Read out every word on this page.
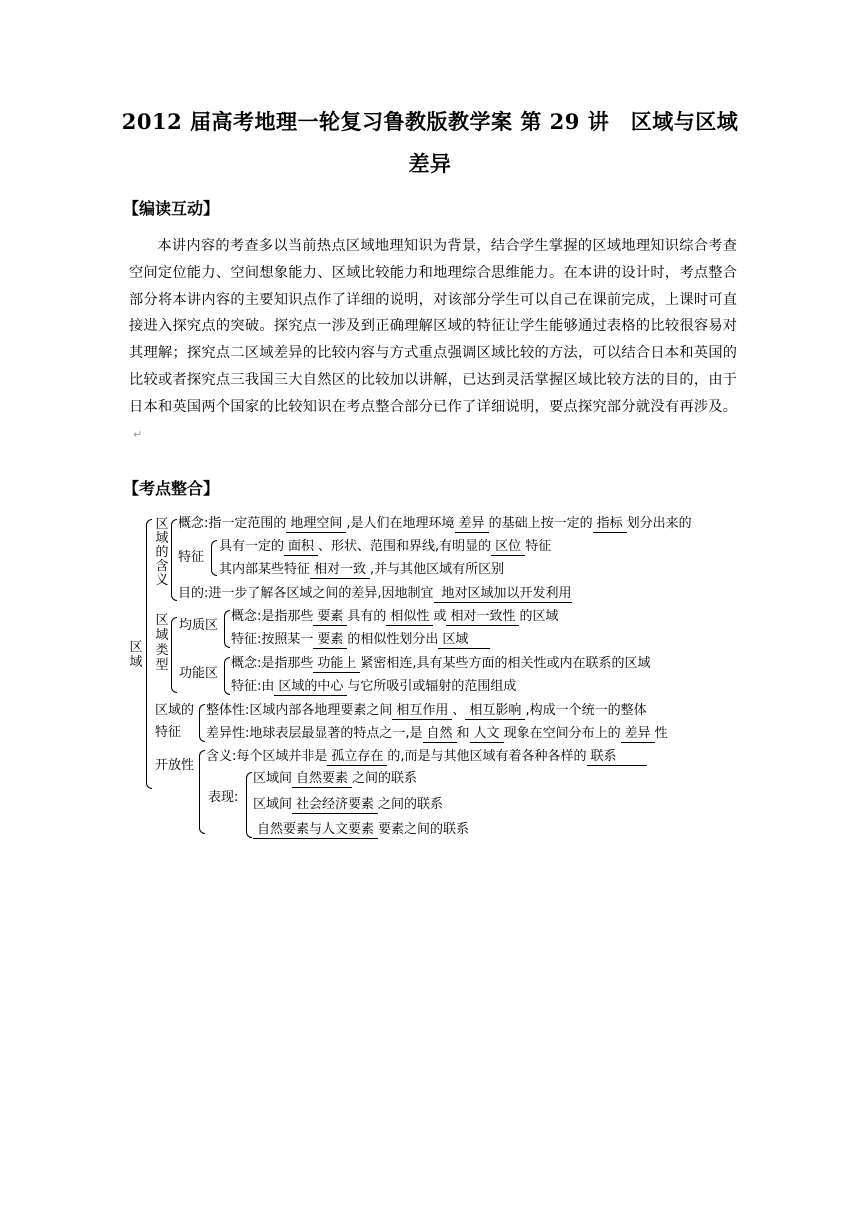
2012 届高考地理一轮复习鲁教版教学案 第 29 讲　区域与区域
差异
【编读互动】

本讲内容的考查多以当前热点区域地理知识为背景，结合学生掌握的区域地理知识综合考查空间定位能力、空间想象能力、区域比较能力和地理综合思维能力。在本讲的设计时，考点整合部分将本讲内容的主要知识点作了详细的说明，对该部分学生可以自己在课前完成，上课时可直接进入探究点的突破。探究点一涉及到正确理解区域的特征让学生能够通过表格的比较很容易对其理解；探究点二区域差异的比较内容与方式重点强调区域比较的方法，可以结合日本和英国的比较或者探究点三我国三大自然区的比较加以讲解，已达到灵活掌握区域比较方法的目的，由于日本和英国两个国家的比较知识在考点整合部分已作了详细说明，要点探究部分就没有再涉及。↵

【考点整合】
区域
区域的含义
概念:指一定范围的 地理空间 ,是人们在地理环境 差异 的基础上按一定的 指标 划分出来的
特征
具有一定的 面积 、形状、范围和界线,有明显的 区位 特征
其内部某些特征 相对一致 ,并与其他区域有所区别
目的:进一步了解各区域之间的差异,因地制宜 地对区域加以开发利用
区域类型
均质区
概念:是指那些 要素 具有的 相似性 或 相对一致性 的区域
特征:按照某一 要素 的相似性划分出 区域
功能区
概念:是指那些 功能上 紧密相连,具有某些方面的相关性或内在联系的区域
特征:由 区域的中心 与它所吸引或辐射的范围组成
区域的
特征
整体性:区域内部各地理要素之间 相互作用 、 相互影响 ,构成一个统一的整体
差异性:地球表层最显著的特点之一,是 自然 和 人文 现象在空间分布上的 差异 性
开放性
含义:每个区域并非是 孤立存在 的,而是与其他区域有着各种各样的 联系
表现:
区域间 自然要素 之间的联系
区域间 社会经济要素 之间的联系
自然要素与人文要素 要素之间的联系
